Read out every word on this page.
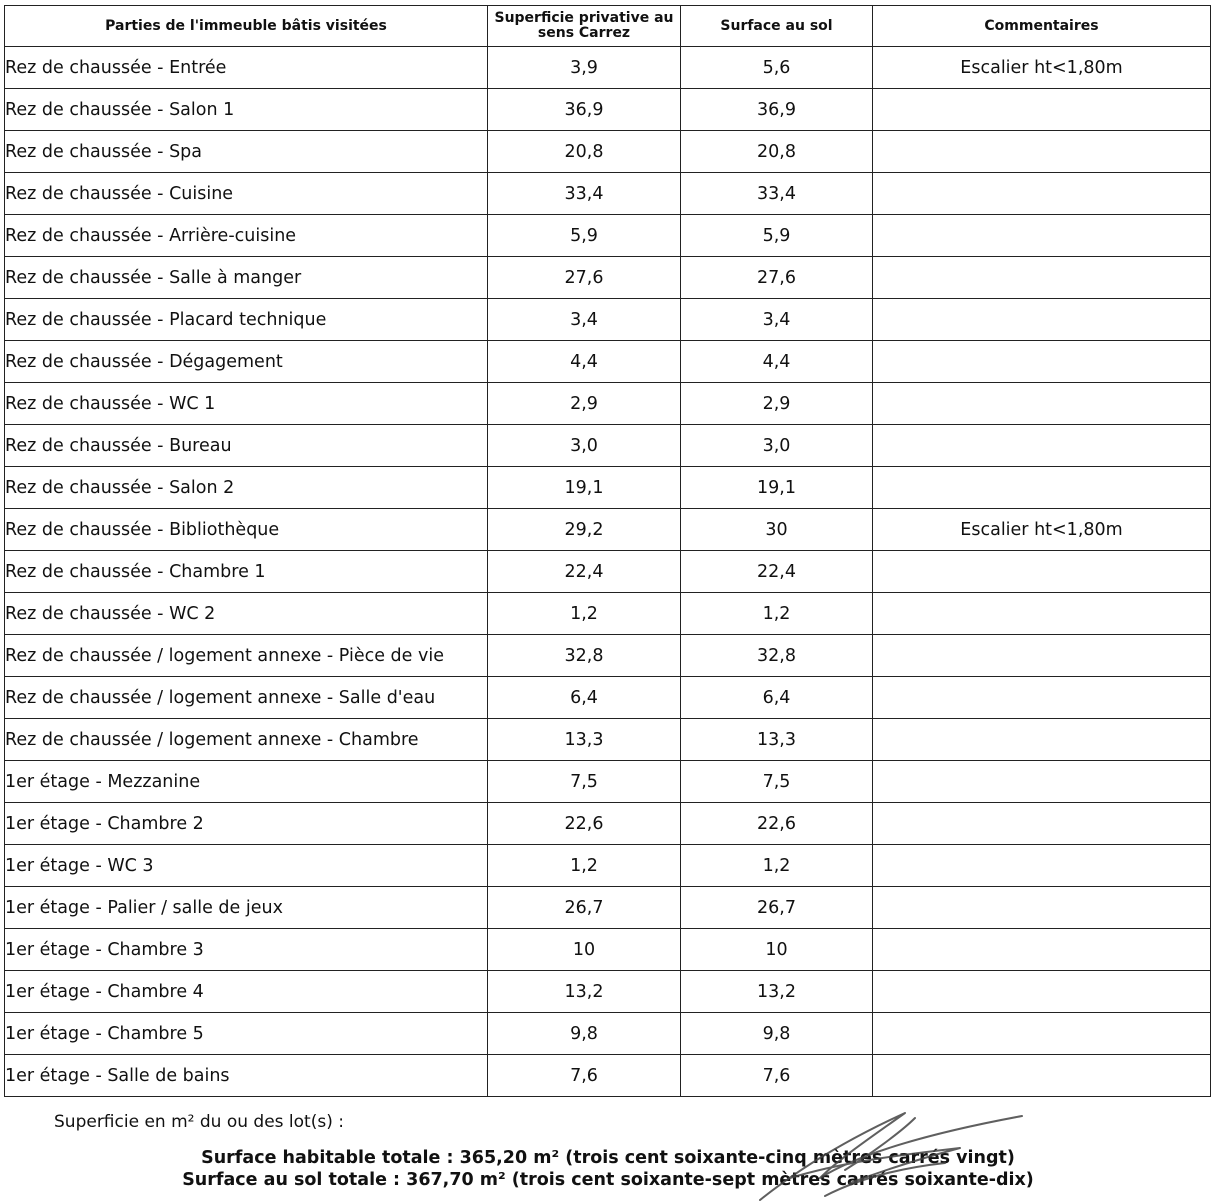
Parties de l'immeuble bâtis visitées	Superficie privative au sens Carrez	Surface au sol	Commentaires
Rez de chaussée - Entrée	3,9	5,6	Escalier ht<1,80m
Rez de chaussée - Salon 1	36,9	36,9	
Rez de chaussée - Spa	20,8	20,8	
Rez de chaussée - Cuisine	33,4	33,4	
Rez de chaussée - Arrière-cuisine	5,9	5,9	
Rez de chaussée - Salle à manger	27,6	27,6	
Rez de chaussée - Placard technique	3,4	3,4	
Rez de chaussée - Dégagement	4,4	4,4	
Rez de chaussée - WC 1	2,9	2,9	
Rez de chaussée - Bureau	3,0	3,0	
Rez de chaussée - Salon 2	19,1	19,1	
Rez de chaussée - Bibliothèque	29,2	30	Escalier ht<1,80m
Rez de chaussée - Chambre 1	22,4	22,4	
Rez de chaussée - WC 2	1,2	1,2	
Rez de chaussée / logement annexe - Pièce de vie	32,8	32,8	
Rez de chaussée / logement annexe - Salle d'eau	6,4	6,4	
Rez de chaussée / logement annexe - Chambre	13,3	13,3	
1er étage - Mezzanine	7,5	7,5	
1er étage - Chambre 2	22,6	22,6	
1er étage - WC 3	1,2	1,2	
1er étage - Palier / salle de jeux	26,7	26,7	
1er étage - Chambre 3	10	10	
1er étage - Chambre 4	13,2	13,2	
1er étage - Chambre 5	9,8	9,8	
1er étage - Salle de bains	7,6	7,6	
Superficie en m² du ou des lot(s) :
Surface habitable totale : 365,20 m² (trois cent soixante-cinq mètres carrés vingt)
Surface au sol totale : 367,70 m² (trois cent soixante-sept mètres carrés soixante-dix)
